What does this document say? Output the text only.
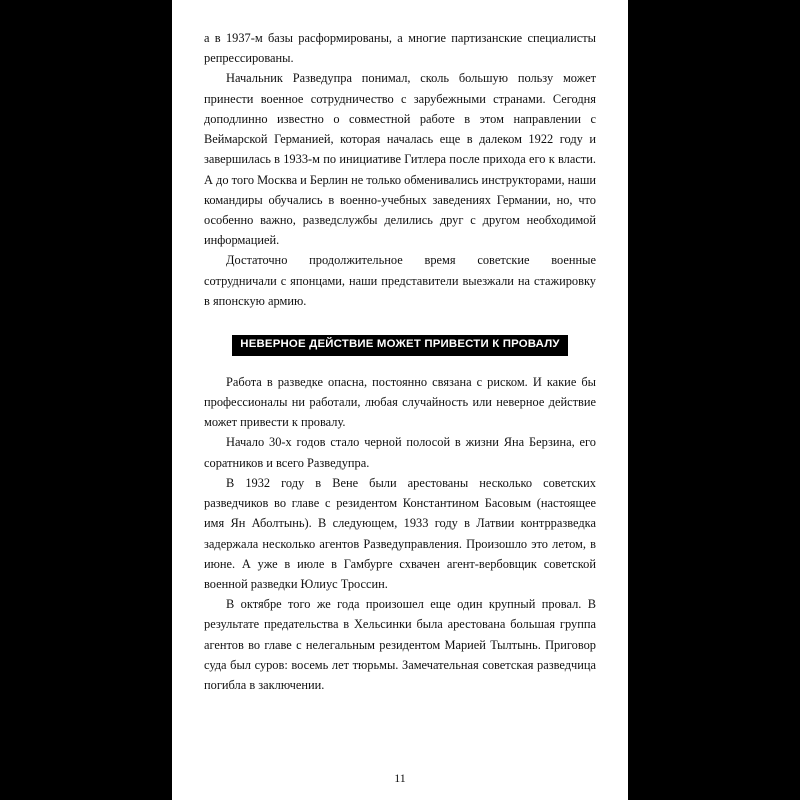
а в 1937-м базы расформированы, а многие партизанские специалисты репрессированы.

Начальник Разведупра понимал, сколь большую пользу может принести военное сотрудничество с зарубежными странами. Сегодня доподлинно известно о совместной работе в этом направлении с Веймарской Германией, которая началась еще в далеком 1922 году и завершилась в 1933-м по инициативе Гитлера после прихода его к власти. А до того Москва и Берлин не только обменивались инструкторами, наши командиры обучались в военно-учебных заведениях Германии, но, что особенно важно, разведслужбы делились друг с другом необходимой информацией.

Достаточно продолжительное время советские военные сотрудничали с японцами, наши представители выезжали на стажировку в японскую армию.

НЕВЕРНОЕ ДЕЙСТВИЕ МОЖЕТ ПРИВЕСТИ К ПРОВАЛУ

Работа в разведке опасна, постоянно связана с риском. И какие бы профессионалы ни работали, любая случайность или неверное действие может привести к провалу.

Начало 30-х годов стало черной полосой в жизни Яна Берзина, его соратников и всего Разведупра.

В 1932 году в Вене были арестованы несколько советских разведчиков во главе с резидентом Константином Басовым (настоящее имя Ян Аболтынь). В следующем, 1933 году в Латвии контрразведка задержала несколько агентов Разведуправления. Произошло это летом, в июне. А уже в июле в Гамбурге схвачен агент-вербовщик советской военной разведки Юлиус Троссин.

В октябре того же года произошел еще один крупный провал. В результате предательства в Хельсинки была арестована большая группа агентов во главе с нелегальным резидентом Марией Тылтынь. Приговор суда был суров: восемь лет тюрьмы. Замечательная советская разведчица погибла в заключении.

11
